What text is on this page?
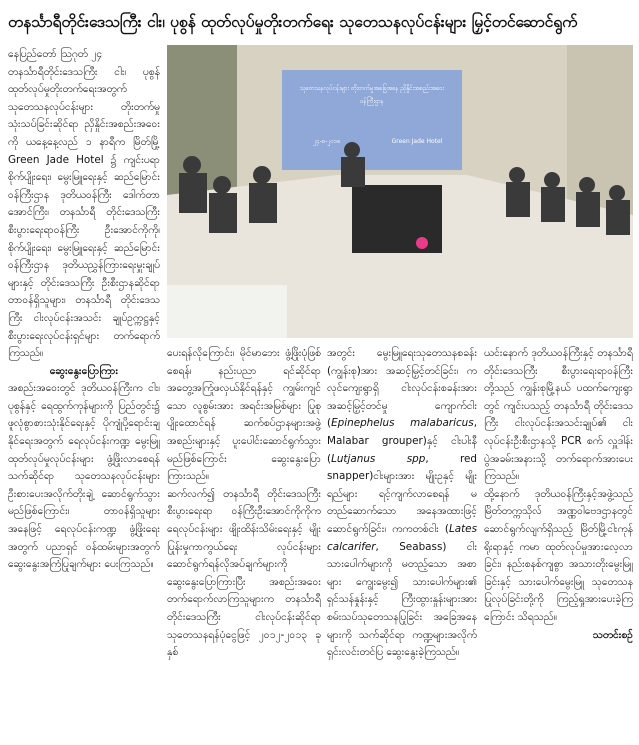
တနင်္သာရီတိုင်းဒေသကြီး ငါး၊ ပုစွန် ထုတ်လုပ်မှုတိုးတက်ရေး သုတေသနလုပ်ငန်းများ မြှင့်တင်ဆောင်ရွက်

နေပြည်တော် ဩဂုတ် ၂၄

တနင်္သာရီတိုင်းဒေသကြီး ငါး၊ ပုစွန် ထုတ်လုပ်မှုတိုးတက်ရေးအတွက် သုတေသနလုပ်ငန်းများ တိုးတက်မှု သုံးသပ်ခြင်းဆိုင်ရာ ညှိနှိုင်းအစည်းအဝေးကို ယနေ့နေ့လည် ၁ နာရီက မြိတ်မြို့ Green Jade Hotel ၌ ကျင်းပရာ စိုက်ပျိုးရေး၊ မွေးမြူရေးနှင့် ဆည်မြောင်းဝန်ကြီးဌာန ဒုတိယဝန်ကြီး ဒေါက်တာအောင်ကြီး၊ တနင်္သာရီ တိုင်းဒေသကြီး စီးပွားရေးရာဝန်ကြီး ဦးအောင်ကိုကို၊ စိုက်ပျိုးရေး၊ မွေးမြူရေးနှင့် ဆည်မြောင်းဝန်ကြီးဌာန ဒုတိယညွှန်ကြားရေးမှူးချုပ်များနှင့် တိုင်းဒေသကြီး ဦးစီးဌာနဆိုင်ရာ တာဝန်ရှိသူများ၊ တနင်္သာရီ တိုင်းဒေသကြီး ငါးလုပ်ငန်းအသင်း ချုပ်ဥက္ကဋ္ဌနှင့် စီးပွားရေးလုပ်ငန်းရှင်များ တက်ရောက်ကြသည်။

ဆွေးနွေးပြောကြား

အစည်းအဝေးတွင် ဒုတိယဝန်ကြီးက ငါး၊ ပုစွန်နှင့် ရေထွက်ကုန်များကို ပြည်တွင်း၌ ဖူလုံစွာစားသုံးနိုင်ရေးနှင့် ပိုကျုံပို့ရောင်းချနိုင်ရေးအတွက် ရေလုပ်ငန်းကဏ္ဍ မွေးမြူထုတ်လုပ်မှုလုပ်ငန်းများ ဖွံ့ဖြိုးလာစေရန် သက်ဆိုင်ရာ သုတေသနလုပ်ငန်းများ ဦးစားပေးအလိုက်တိုးချဲ့ ဆောင်ရွက်သွားမည်ဖြစ်ကြောင်း၊ တာဝန်ရှိသူများ အနေဖြင့် ရေလုပ်ငန်းကဏ္ဍ ဖွံ့ဖြိုးရေးအတွက် ပညာရှင် ဝန်ထမ်းများအတွက် ဆွေးနွေးအကြံပြုချက်များ ပေးကြသည်။

သုတေသနလုပ်ငန်းများ တိုးတက်မှုအခြေအနေ ညှိနှိုင်းအစည်းအဝေး
ဝန်ကြီးဌာန
၂၄-၈-၂၀၁၈	Green Jade Hotel

ပေးရန်လိုကြောင်း၊ မိုင်မာဘေး ဖွံ့ဖြိုးပုံဖြစ်စေရန်၊ နည်းပညာ ရင်ဆိုင်ရာ အတွေ့အကြုံဖလှယ်နိုင်ရန်နှင့် ကျွမ်းကျင်သော လူစွမ်းအား အရင်းအမြစ်များ ပြုစုပျိုးထောင်ရန် ဆက်စပ်ဌာနများအဖွဲ့အစည်းများနှင့် ပူးပေါင်းဆောင်ရွက်သွားမည်ဖြစ်ကြောင်း ဆွေးနွေးပြောကြားသည်။

ဆက်လက်၍ တနင်္သာရီ တိုင်းဒေသကြီး စီးပွားရေးရာ ဝန်ကြီးဦးအောင်ကိုကိုက ရေလုပ်ငန်းများ ဖျိုးထိန်းသိမ်းရေးနှင့် မျိုးပြုန်းမှုကာကွယ်ရေး လုပ်ငန်းများ ဆောင်ရွက်ရန်လိုအပ်ချက်များကို ဆွေးနွေးပြောကြားပြီး အစည်းအဝေး တက်ရောက်လာကြသူများက တနင်္သာရီ တိုင်းဒေသကြီး ငါးလုပ်ငန်းဆိုင်ရာ သုတေသနရန်ပုံငွေဖြင့် ၂၀၁၂-၂၀၁၃ ခုနှစ်

အတွင်း မွေးမြူရေးသုတေသနစခန်း (ကျွန်းစု)အား အဆင့်မြှင့်တင်ခြင်း၊ ကလုင်ကျေးရွာရှိ ငါးလုပ်ငန်းစခန်းအား အဆင့်မြှင့်တင်မှု ကျောက်ငါး (Epinephelus malabaricus, Malabar grouper)နှင့် ငါးပါးနီ (Lutjanus spp, red snapper)ငါးများအား မျိုးဥနှင့် မျိုးရည်များ ရင့်ကျက်လာစေရန် မတည်ဆောက်သော အနေအထားဖြင့် ဆောင်ရွက်ခြင်း၊ ကကတစ်ငါး (Lates calcarifer, Seabass) ငါးသားပေါက်များကို မတည့်သော အစာများ ကျွေးမွေး၍ သားပေါက်များ၏ ရှင်သန်နှုန်းနှင့် ကြီးထွားနှုန်းများအား စမ်းသပ်သုတေသနပြုခြင်း အခြေအနေများကို သက်ဆိုင်ရာ ကဏ္ဍများအလိုက် ရှင်းလင်းတင်ပြ ဆွေးနွေးခဲ့ကြသည်။

ယင်းနောက် ဒုတိယဝန်ကြီးနှင့် တနင်္သာရီ တိုင်းဒေသကြီး စီးပွားရေးရာဝန်ကြီး တို့သည် ကျွန်းစုမြို့နယ် ပထက်ကျေးရွာတွင် ကျင်းပသည့် တနင်္သာရီ တိုင်းဒေသကြီး ငါးလုပ်ငန်းအသင်းချုပ်၏ ငါးလုပ်ငန်းဦးစီးဌာနသို့ PCR စက် လှူဒါန်းပွဲအခမ်းအနားသို့ တက်ရောက်အားပေးကြသည်။

ထို့နောက် ဒုတိယဝန်ကြီးနှင့်အဖွဲ့သည် မြိတ်တက္ကသိုလ် အဏ္ဏဝါဗေဒဌာနတွင် ဆောင်ရွက်လျက်ရှိသည့် မြိတ်မြို့ငါးကုန်ရိုးရာနှင့် ကမာ ထုတ်လုပ်မှုအားလေ့လာခြင်း၊ နည်းစနစ်ကျစွာ အသားတိုးမွေးမြူခြင်းနှင့် သားပေါက်မွေးမြူ သုတေသနပြုလုပ်ခြင်းတို့ကို ကြည့်ရှုအားပေးခဲ့ကြကြောင်း သိရသည်။

သတင်းစဉ်
